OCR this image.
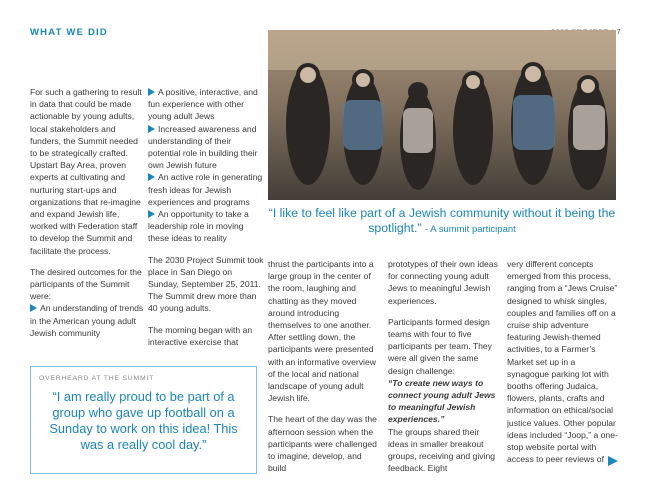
WHAT WE DID	7
“I like to feel like part of a Jewish community without it being the spotlight.” - A summit participant

For such a gathering to result in data that could be made actionable by young adults, local stakeholders and funders, the Summit needed to be strategically crafted. Upstart Bay Area, proven experts at cultivating and nurturing start-ups and organizations that re-imagine and expand Jewish life, worked with Federation staff to develop the Summit and facilitate the process.

The desired outcomes for the participants of the Summit were:

An understanding of trends in the American young adult Jewish community
A positive, interactive, and fun experience with other young adult Jews
Increased awareness and understanding of their potential role in building their own Jewish future
An active role in generating fresh ideas for Jewish experiences and programs
An opportunity to take a leadership role in moving these ideas to reality

The 2030 Project Summit took place in San Diego on Sunday, September 25, 2011. The Summit drew more than 40 young adults.

The morning began with an interactive exercise that

thrust the participants into a large group in the center of the room, laughing and chatting as they moved around introducing themselves to one another. After settling down, the participants were presented with an informative overview of the local and national landscape of young adult Jewish life.

The heart of the day was the afternoon session when the participants were challenged to imagine, develop, and build

prototypes of their own ideas for connecting young adult Jews to meaningful Jewish experiences.

Participants formed design teams with four to five participants per team. They were all given the same design challenge:

“To create new ways to connect young adult Jews to meaningful Jewish experiences.”

The groups shared their ideas in smaller breakout groups, receiving and giving feedback. Eight

very different concepts emerged from this process, ranging from a “Jews Cruise” designed to whisk singles, couples and families off on a cruise ship adventure featuring Jewish-themed activities, to a Farmer’s Market set up in a synagogue parking lot with booths offering Judaica, flowers, plants, crafts and information on ethical/social justice values. Other popular ideas included “Joop,” a one-stop website portal with access to peer reviews of

OVERHEARD AT THE SUMMIT
“I am really proud to be part of a group who gave up football on a Sunday to work on this idea! This was a really cool day.”
